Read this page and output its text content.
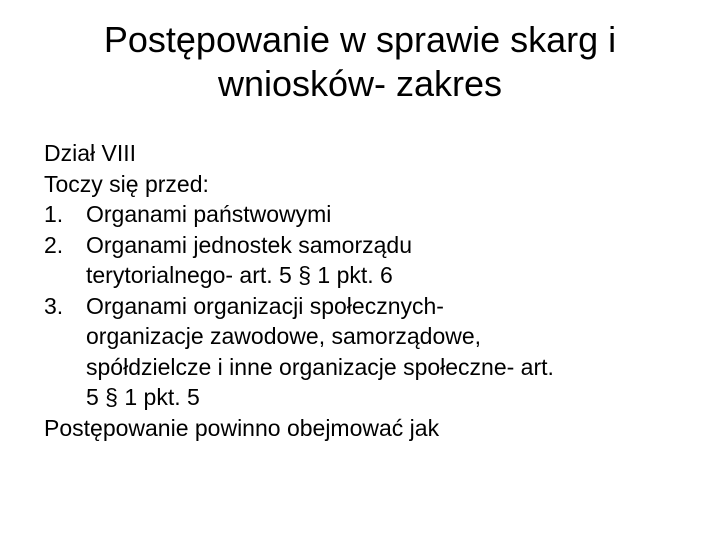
Postępowanie w sprawie skarg i
wniosków- zakres
Dział VIII
Toczy się przed:
1. Organami państwowymi
2. Organami jednostek samorządu
terytorialnego- art. 5 § 1 pkt. 6
3. Organami organizacji społecznych-
organizacje zawodowe, samorządowe,
spółdzielcze i inne organizacje społeczne- art.
5 § 1 pkt. 5
Postępowanie powinno obejmować jak
